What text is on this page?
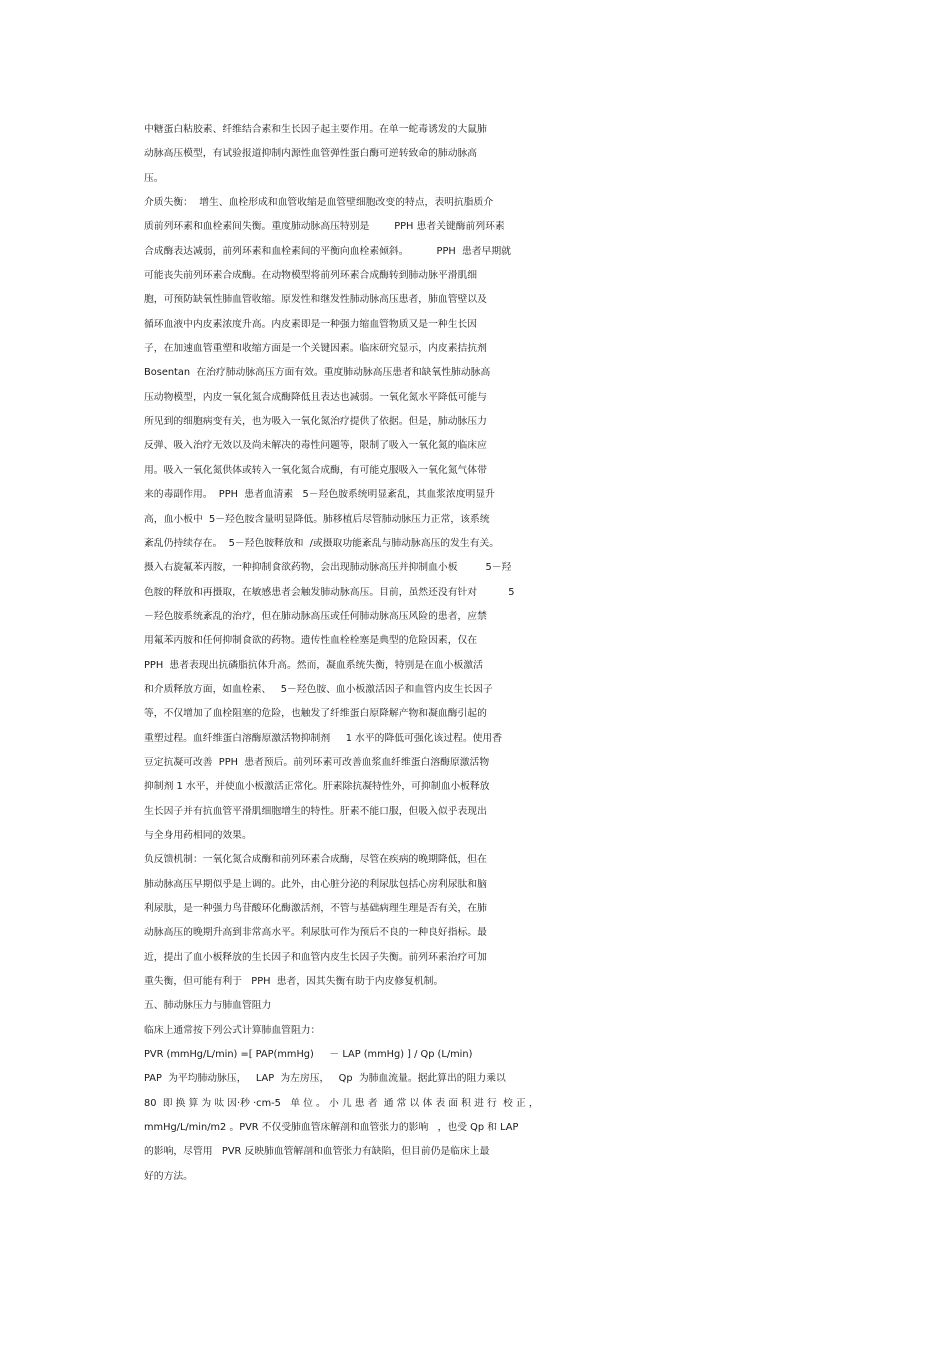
中糖蛋白粘胶素、纤维结合素和生长因子起主要作用。在单一蛇毒诱发的大鼠肺
动脉高压模型，有试验报道抑制内源性血管弹性蛋白酶可逆转致命的肺动脉高
压。
介质失衡：  增生、血栓形成和血管收缩是血管壁细胞改变的特点，表明抗脂质介
质前列环素和血栓素间失衡。重度肺动脉高压特别是        PPH 患者关键酶前列环素
合成酶表达减弱，前列环素和血栓素间的平衡向血栓素倾斜。         PPH  患者早期就
可能丧失前列环素合成酶。在动物模型将前列环素合成酶转到肺动脉平滑肌细
胞，可预防缺氧性肺血管收缩。原发性和继发性肺动脉高压患者，肺血管壁以及
循环血液中内皮素浓度升高。内皮素即是一种强力缩血管物质又是一种生长因
子，在加速血管重塑和收缩方面是一个关键因素。临床研究显示，内皮素拮抗剂
Bosentan  在治疗肺动脉高压方面有效。重度肺动脉高压患者和缺氧性肺动脉高
压动物模型，内皮一氧化氮合成酶降低且表达也减弱。一氧化氮水平降低可能与
所见到的细胞病变有关，也为吸入一氧化氮治疗提供了依据。但是，肺动脉压力
反弹、吸入治疗无效以及尚未解决的毒性问题等，限制了吸入一氧化氮的临床应
用。吸入一氧化氮供体或转入一氧化氮合成酶，有可能克服吸入一氧化氮气体带
来的毒副作用。  PPH  患者血清素   5－羟色胺系统明显紊乱，其血浆浓度明显升
高，血小板中  5－羟色胺含量明显降低。肺移植后尽管肺动脉压力正常，该系统
紊乱仍持续存在。  5－羟色胺释放和  /或摄取功能紊乱与肺动脉高压的发生有关。
摄入右旋氟苯丙胺，一种抑制食欲药物，会出现肺动脉高压并抑制血小板         5－羟
色胺的释放和再摄取，在敏感患者会触发肺动脉高压。目前，虽然还没有针对          5
－羟色胺系统紊乱的治疗，但在肺动脉高压或任何肺动脉高压风险的患者，应禁
用氟苯丙胺和任何抑制食欲的药物。遗传性血栓栓塞是典型的危险因素，仅在
PPH  患者表现出抗磷脂抗体升高。然而，凝血系统失衡，特别是在血小板激活
和介质释放方面，如血栓素、   5－羟色胺、血小板激活因子和血管内皮生长因子
等，不仅增加了血栓阻塞的危险，也触发了纤维蛋白原降解产物和凝血酶引起的
重塑过程。血纤维蛋白溶酶原激活物抑制剂     1 水平的降低可强化该过程。使用香
豆定抗凝可改善  PPH  患者预后。前列环素可改善血浆血纤维蛋白溶酶原激活物
抑制剂 1 水平，并使血小板激活正常化。肝素除抗凝特性外，可抑制血小板释放
生长因子并有抗血管平滑肌细胞增生的特性。肝素不能口服，但吸入似乎表现出
与全身用药相同的效果。
负反馈机制：一氧化氮合成酶和前列环素合成酶，尽管在疾病的晚期降低，但在
肺动脉高压早期似乎是上调的。此外，由心脏分泌的利尿肽包括心房利尿肽和脑
利尿肽，是一种强力鸟苷酸环化酶激活剂，不管与基础病理生理是否有关，在肺
动脉高压的晚期升高到非常高水平。利尿肽可作为预后不良的一种良好指标。最
近，提出了血小板释放的生长因子和血管内皮生长因子失衡。前列环素治疗可加
重失衡，但可能有利于   PPH  患者，因其失衡有助于内皮修复机制。
五、肺动脉压力与肺血管阻力
临床上通常按下列公式计算肺血管阻力：
PVR (mmHg/L/min) =[ PAP(mmHg)     － LAP (mmHg) ] / Qp (L/min)
PAP  为平均肺动脉压，   LAP  为左房压，   Qp  为肺血流量。据此算出的阻力乘以
80  即 换 算 为 呔 因·秒 ·cm-5   单 位 。 小 儿 患 者  通 常 以 体 表 面 积 进 行  校 正 ，
mmHg/L/min/m2 。PVR 不仅受肺血管床解剖和血管张力的影响   ，也受 Qp 和 LAP
的影响，尽管用   PVR 反映肺血管解剖和血管张力有缺陷，但目前仍是临床上最
好的方法。
